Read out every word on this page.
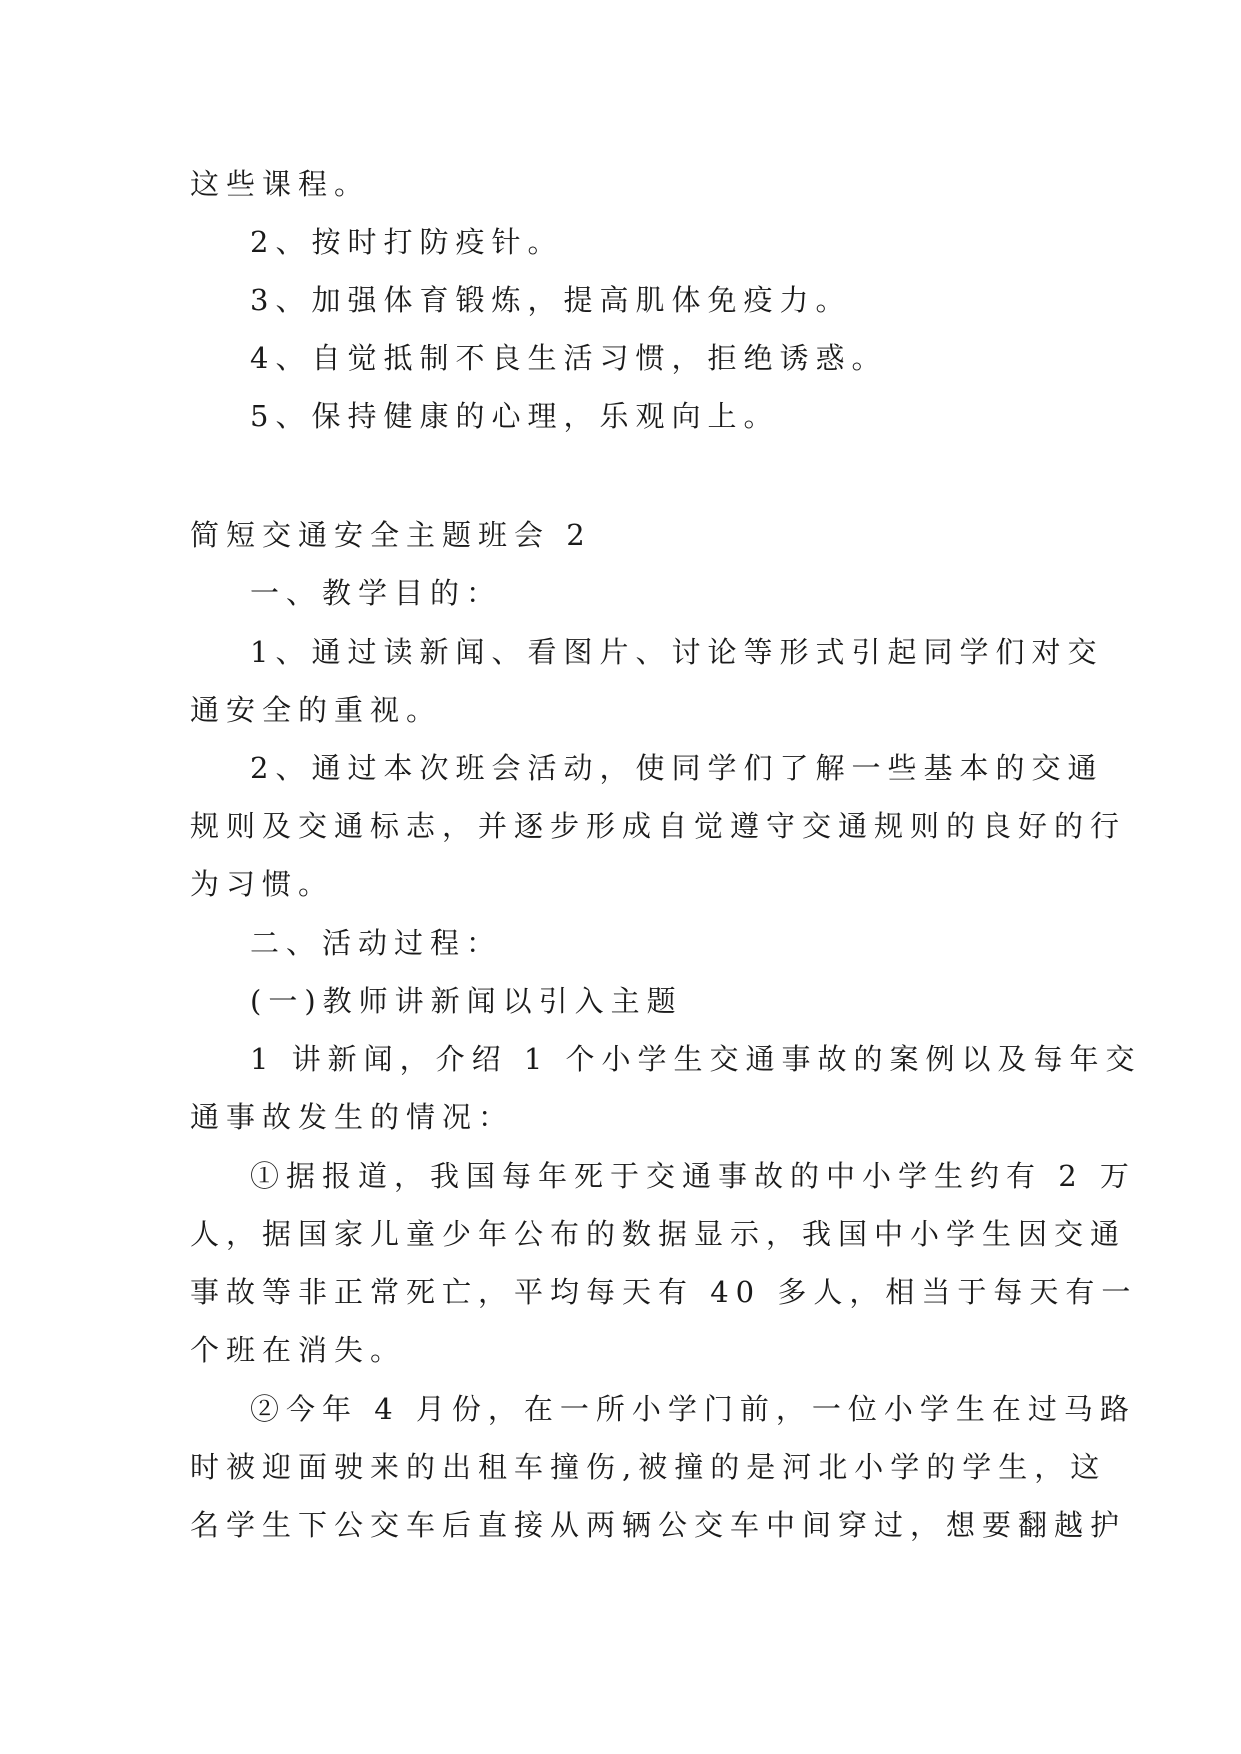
这些课程。
2、按时打防疫针。
3、加强体育锻炼，提高肌体免疫力。
4、自觉抵制不良生活习惯，拒绝诱惑。
5、保持健康的心理，乐观向上。
简短交通安全主题班会 2
一、教学目的：
1、通过读新闻、看图片、讨论等形式引起同学们对交
通安全的重视。
2、通过本次班会活动，使同学们了解一些基本的交通
规则及交通标志，并逐步形成自觉遵守交通规则的良好的行
为习惯。
二、活动过程：
(一)教师讲新闻以引入主题
1 讲新闻，介绍 1 个小学生交通事故的案例以及每年交
通事故发生的情况：
①据报道，我国每年死于交通事故的中小学生约有 2 万
人，据国家儿童少年公布的数据显示，我国中小学生因交通
事故等非正常死亡，平均每天有 40 多人，相当于每天有一
个班在消失。
②今年 4 月份，在一所小学门前，一位小学生在过马路
时被迎面驶来的出租车撞伤,被撞的是河北小学的学生，这
名学生下公交车后直接从两辆公交车中间穿过，想要翻越护
